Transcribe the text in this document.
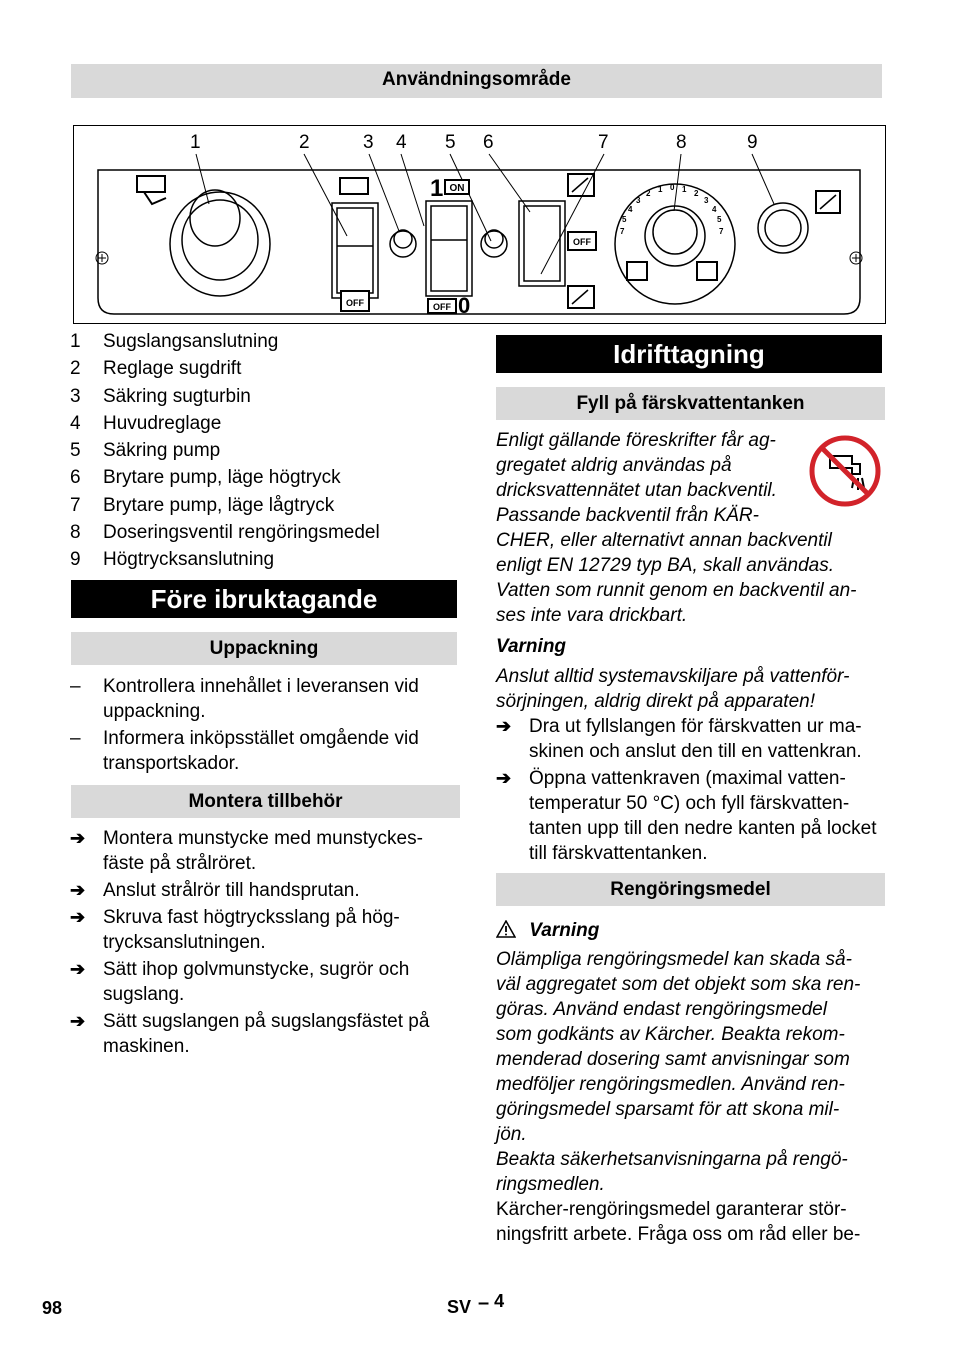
Användningsområde
1	2	3 4 5 6	7	8	9
OFF
1 ON
OFF 0
OFF
0 1
1	2
2
3
3
4
4
5
5
7
7
1 Sugslangsanslutning
2 Reglage sugdrift
3 Säkring sugturbin
4 Huvudreglage
5 Säkring pump
6 Brytare pump, läge högtryck
7 Brytare pump, läge lågtryck
8 Doseringsventil rengöringsmedel
9 Högtrycksanslutning
Före ibruktagande
Uppackning
– Kontrollera innehållet i leveransen vid uppackning.
– Informera inköpsstället omgående vid transportskador.
Montera tillbehör
➔ Montera munstycke med munstyckes-fäste på strålröret.
➔ Anslut strålrör till handsprutan.
➔ Skruva fast högtrycksslang på hög-trycksanslutningen.
➔ Sätt ihop golvmunstycke, sugrör och sugslang.
➔ Sätt sugslangen på sugslangsfästet på maskinen.
Idrifttagning
Fyll på färskvattentanken
Enligt gällande föreskrifter får ag-
gregatet aldrig användas på
dricksvattennätet utan backventil.
Passande backventil från KÄR-
CHER, eller alternativt annan backventil
enligt EN 12729 typ BA, skall användas.
Vatten som runnit genom en backventil an-
ses inte vara drickbart.
Varning
Anslut alltid systemavskiljare på vattenför-sörjningen, aldrig direkt på apparaten!
➔ Dra ut fyllslangen för färskvatten ur ma-skinen och anslut den till en vattenkran.
➔ Öppna vattenkraven (maximal vatten-temperatur 50 °C) och fyll färskvatten-tanten upp till den nedre kanten på locket till färskvattentanken.
Rengöringsmedel
Varning
Olämpliga rengöringsmedel kan skada så-
väl aggregatet som det objekt som ska ren-
göras. Använd endast rengöringsmedel
som godkänts av Kärcher. Beakta rekom-
menderad dosering samt anvisningar som
medföljer rengöringsmedlen. Använd ren-
göringsmedel sparsamt för att skona mil-
jön.
Beakta säkerhetsanvisningarna på rengö-
ringsmedlen.
Kärcher-rengöringsmedel garanterar stör-
ningsfritt arbete. Fråga oss om råd eller be-
98	SV – 4
